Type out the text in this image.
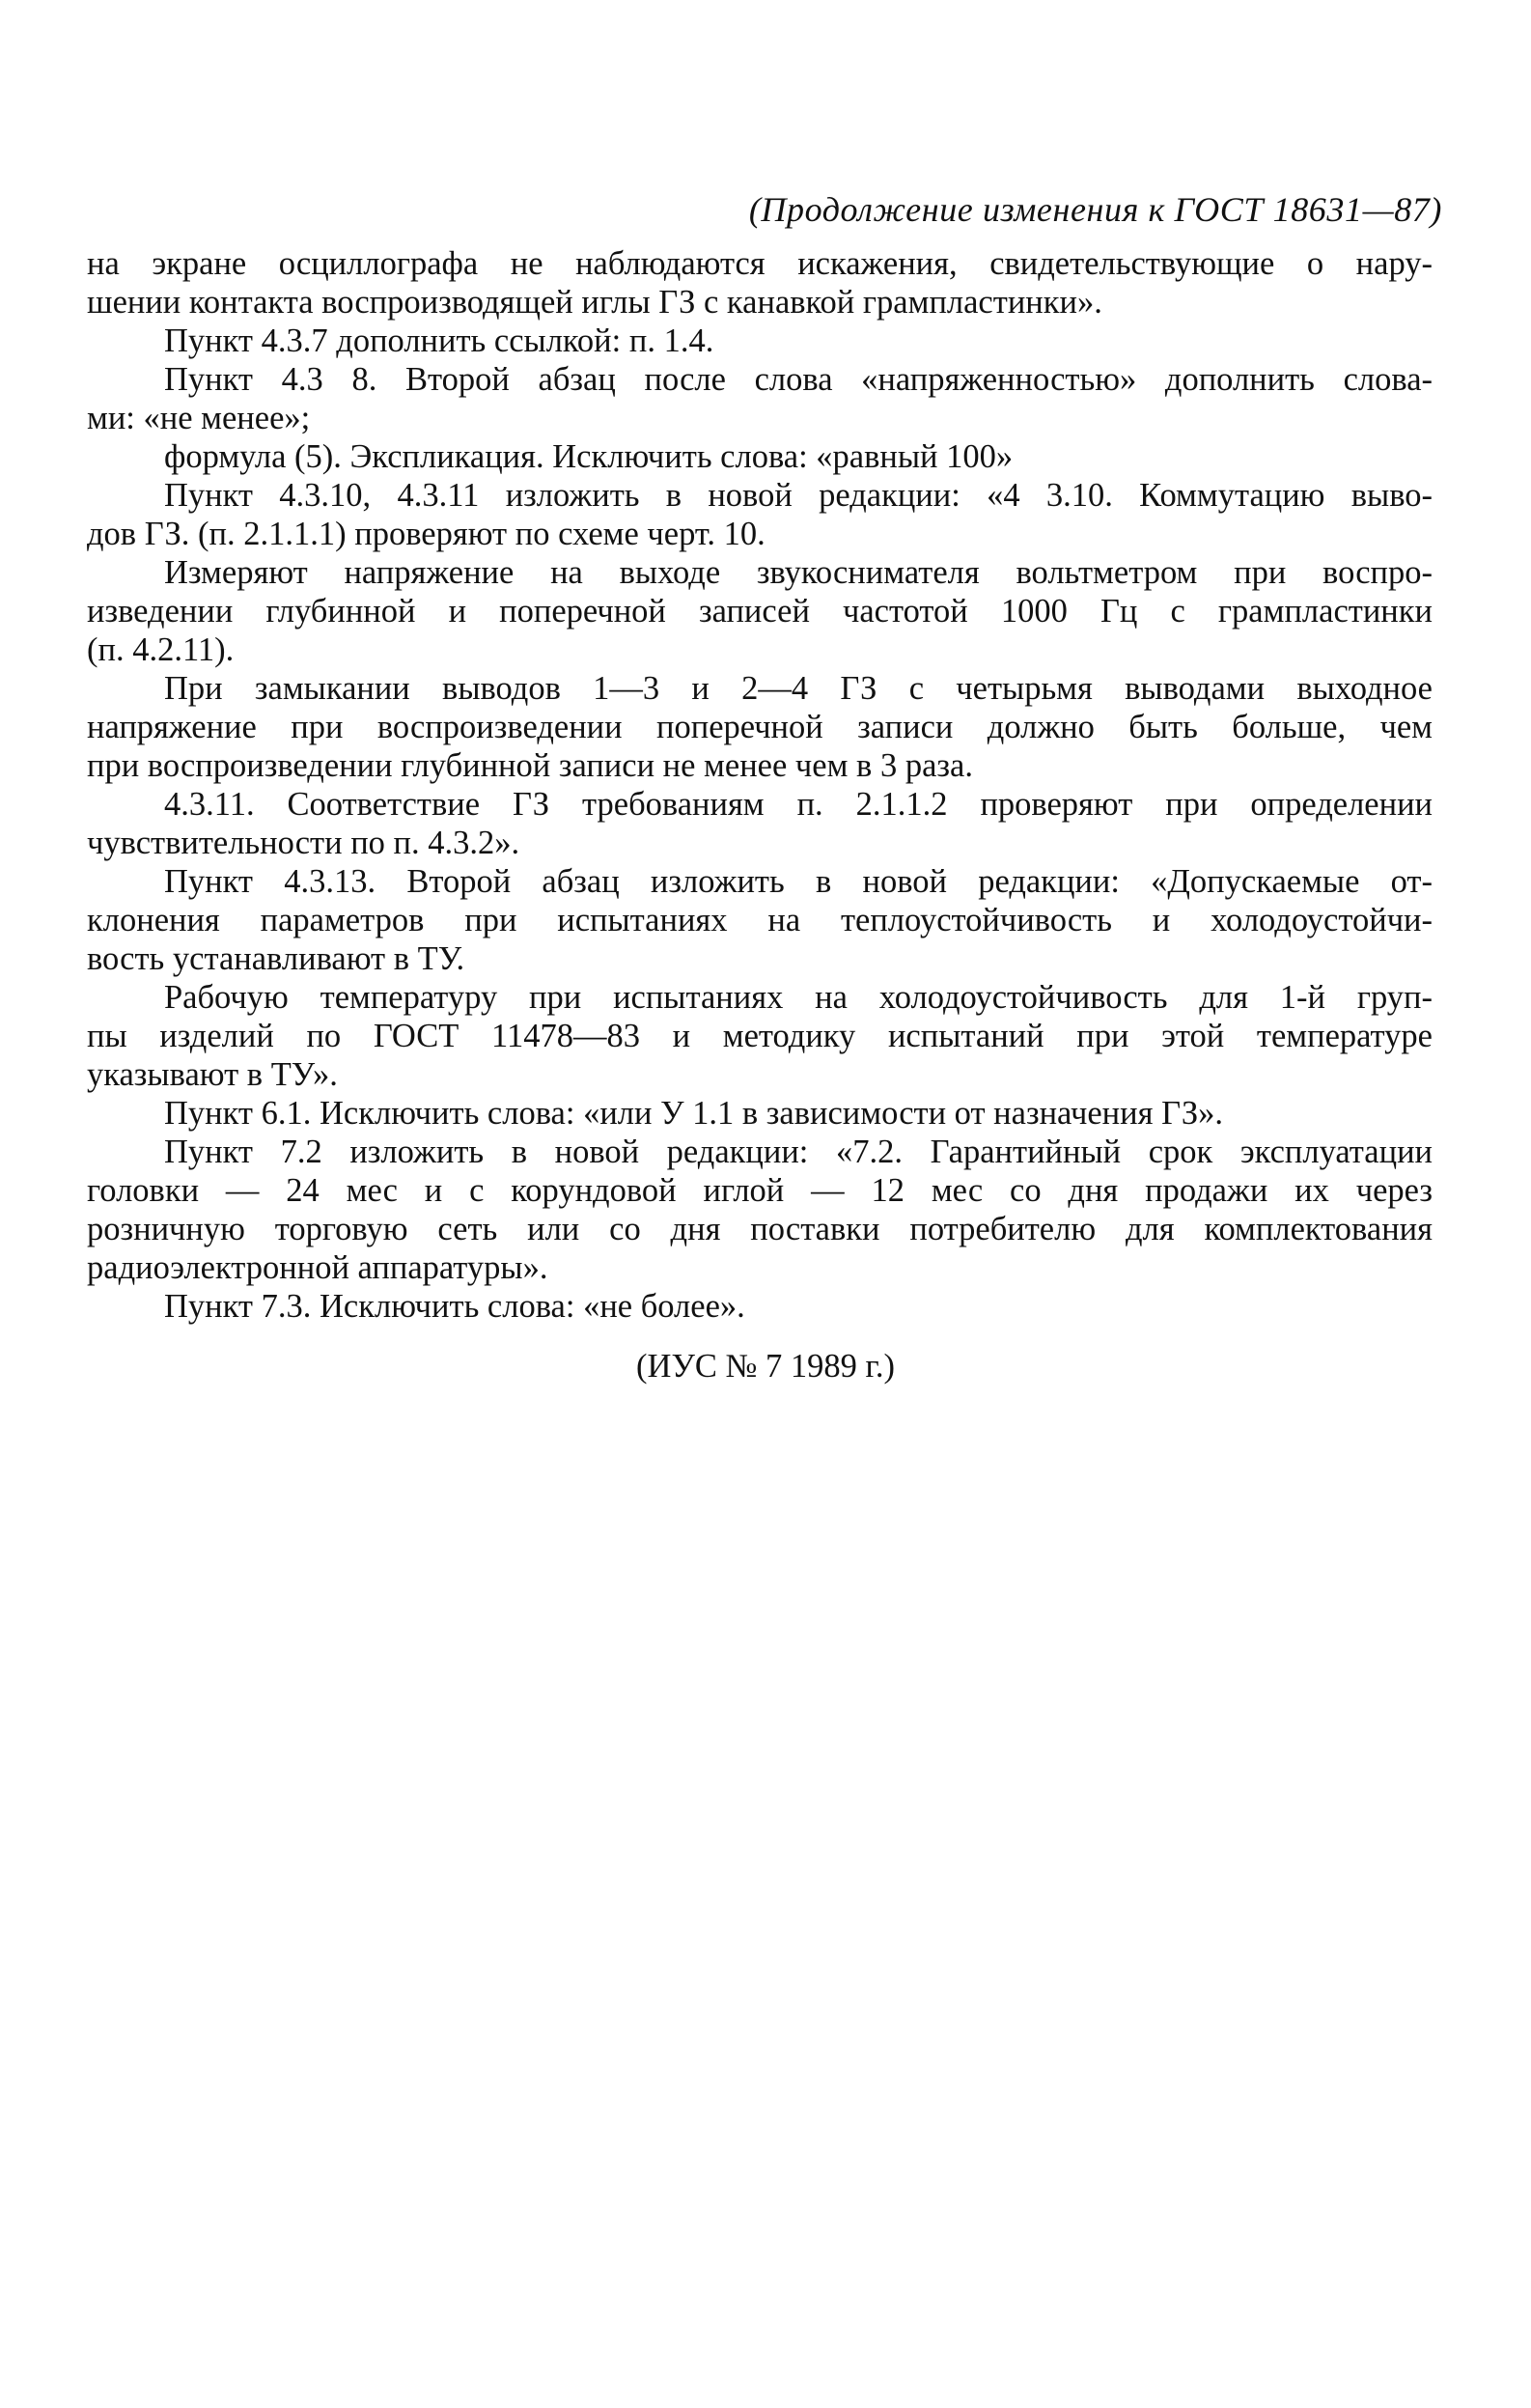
(Продолжение изменения к ГОСТ 18631—87)
на экране осциллографа не наблюдаются искажения, свидетельствующие о нару-
шении контакта воспроизводящей иглы ГЗ с канавкой грампластинки».
Пункт 4.3.7 дополнить ссылкой: п. 1.4.
Пункт 4.3 8. Второй абзац после слова «напряженностью» дополнить слова-
ми: «не менее»;
формула (5). Экспликация. Исключить слова: «равный 100»
Пункт 4.3.10, 4.3.11 изложить в новой редакции: «4 3.10. Коммутацию выво-
дов ГЗ. (п. 2.1.1.1) проверяют по схеме черт. 10.
Измеряют напряжение на выходе звукоснимателя вольтметром при воспро-
изведении глубинной и поперечной записей частотой 1000 Гц с грампластинки
(п. 4.2.11).
При замыкании выводов 1—3 и 2—4 ГЗ с четырьмя выводами выходное
напряжение при воспроизведении поперечной записи должно быть больше, чем
при воспроизведении глубинной записи не менее чем в 3 раза.
4.3.11. Соответствие ГЗ требованиям п. 2.1.1.2 проверяют при определении
чувствительности по п. 4.3.2».
Пункт 4.3.13. Второй абзац изложить в новой редакции: «Допускаемые от-
клонения параметров при испытаниях на теплоустойчивость и холодоустойчи-
вость устанавливают в ТУ.
Рабочую температуру при испытаниях на холодоустойчивость для 1-й груп-
пы изделий по ГОСТ 11478—83 и методику испытаний при этой температуре
указывают в ТУ».
Пункт 6.1. Исключить слова: «или У 1.1 в зависимости от назначения ГЗ».
Пункт 7.2 изложить в новой редакции: «7.2. Гарантийный срок эксплуатации
головки — 24 мес и с корундовой иглой — 12 мес со дня продажи их через
розничную торговую сеть или со дня поставки потребителю для комплектования
радиоэлектронной аппаратуры».
Пункт 7.3. Исключить слова: «не более».
(ИУС № 7 1989 г.)
